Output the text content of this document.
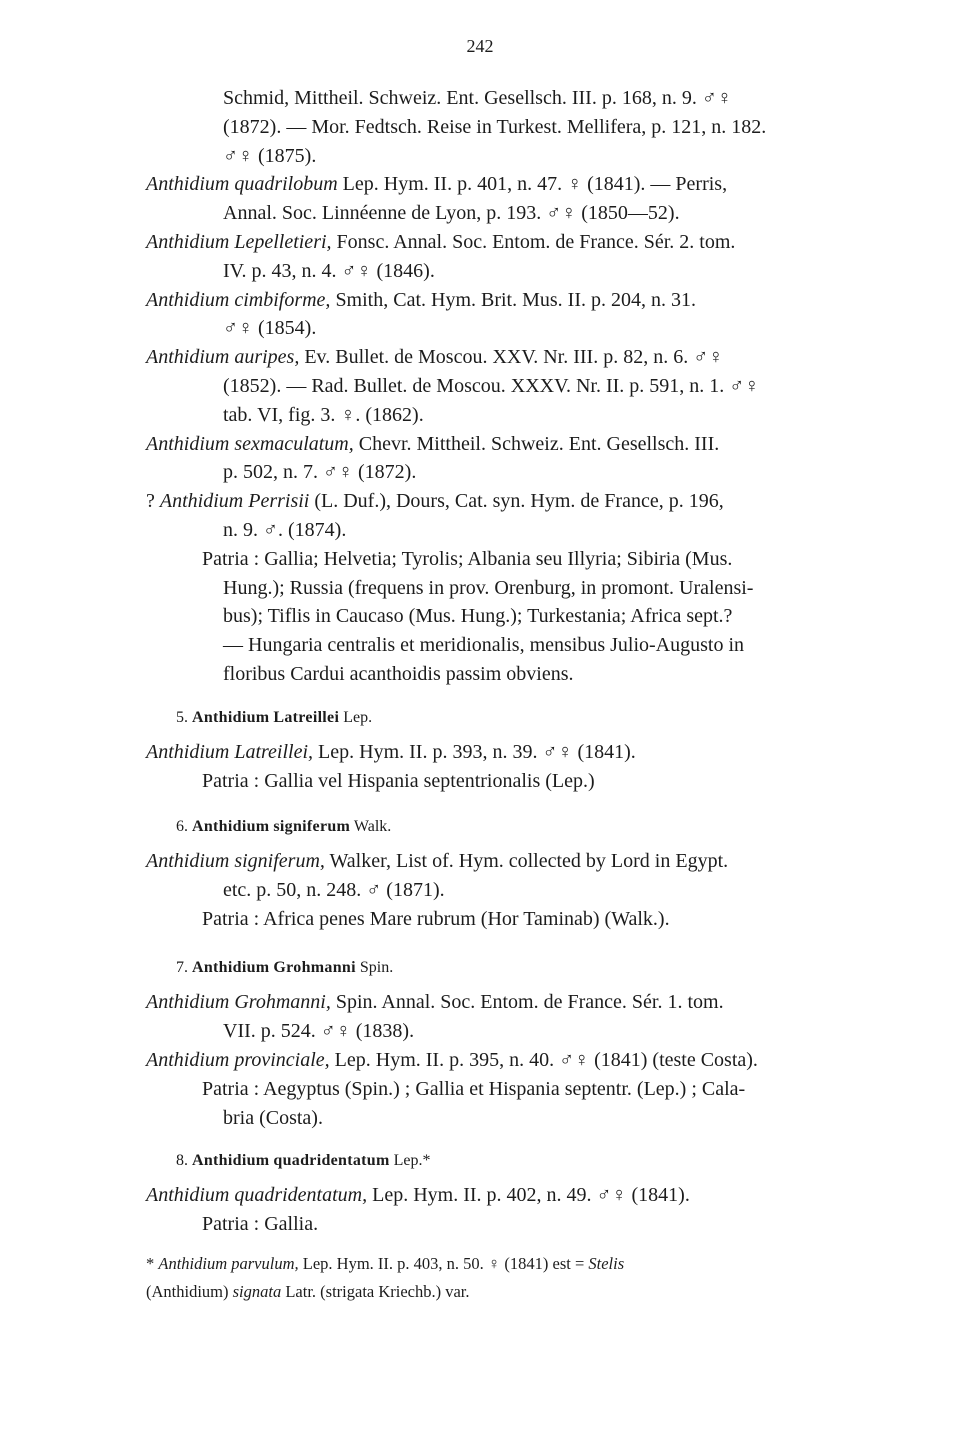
242
Schmid, Mittheil. Schweiz. Ent. Gesellsch. III. p. 168, n. 9. ♂♀
(1872). — Mor. Fedtsch. Reise in Turkest. Mellifera, p. 121, n. 182.
♂♀ (1875).
Anthidium quadrilobum Lep. Hym. II. p. 401, n. 47. ♀ (1841). — Perris,
Annal. Soc. Linnéenne de Lyon, p. 193. ♂♀ (1850—52).
Anthidium Lepelletieri, Fonsc. Annal. Soc. Entom. de France. Sér. 2. tom.
IV. p. 43, n. 4. ♂♀ (1846).
Anthidium cimbiforme, Smith, Cat. Hym. Brit. Mus. II. p. 204, n. 31.
♂♀ (1854).
Anthidium auripes, Ev. Bullet. de Moscou. XXV. Nr. III. p. 82, n. 6. ♂♀
(1852). — Rad. Bullet. de Moscou. XXXV. Nr. II. p. 591, n. 1. ♂♀
tab. VI, fig. 3. ♀. (1862).
Anthidium sexmaculatum, Chevr. Mittheil. Schweiz. Ent. Gesellsch. III.
p. 502, n. 7. ♂♀ (1872).
? Anthidium Perrisii (L. Duf.), Dours, Cat. syn. Hym. de France, p. 196,
n. 9. ♂. (1874).
Patria : Gallia; Helvetia; Tyrolis; Albania seu Illyria; Sibiria (Mus.
Hung.); Russia (frequens in prov. Orenburg, in promont. Uralensi-
bus); Tiflis in Caucaso (Mus. Hung.); Turkestania; Africa sept.?
— Hungaria centralis et meridionalis, mensibus Julio-Augusto in
floribus Cardui acanthoidis passim obviens.
5. Anthidium Latreillei Lep.
Anthidium Latreillei, Lep. Hym. II. p. 393, n. 39. ♂♀ (1841).
Patria : Gallia vel Hispania septentrionalis (Lep.)
6. Anthidium signiferum Walk.
Anthidium signiferum, Walker, List of. Hym. collected by Lord in Egypt.
etc. p. 50, n. 248. ♂ (1871).
Patria : Africa penes Mare rubrum (Hor Taminab) (Walk.).
7. Anthidium Grohmanni Spin.
Anthidium Grohmanni, Spin. Annal. Soc. Entom. de France. Sér. 1. tom.
VII. p. 524. ♂♀ (1838).
Anthidium provinciale, Lep. Hym. II. p. 395, n. 40. ♂♀ (1841) (teste Costa).
Patria : Aegyptus (Spin.) ; Gallia et Hispania septentr. (Lep.) ; Cala-
bria (Costa).
8. Anthidium quadridentatum Lep.*
Anthidium quadridentatum, Lep. Hym. II. p. 402, n. 49. ♂♀ (1841).
Patria : Gallia.
* Anthidium parvulum, Lep. Hym. II. p. 403, n. 50. ♀ (1841) est = Stelis
(Anthidium) signata Latr. (strigata Kriechb.) var.
